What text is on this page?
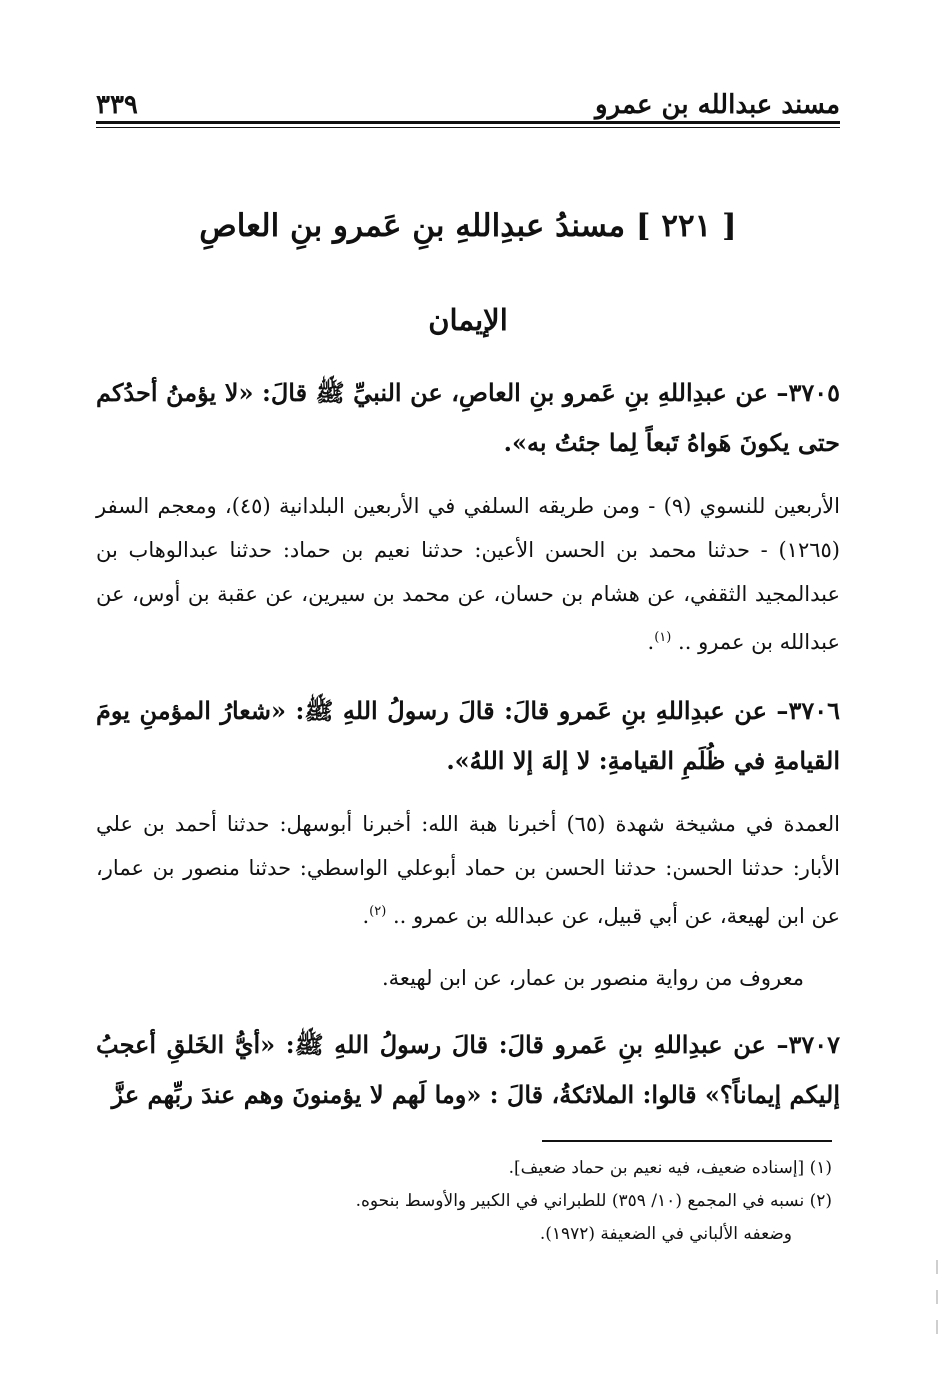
مسند عبدالله بن عمرو
٣٣٩
[ ٢٢١ ] مسندُ عبدِاللهِ بنِ عَمرو بنِ العاصِ
الإيمان
٣٧٠٥– عن عبدِاللهِ بنِ عَمرو بنِ العاصِ، عن النبيِّ ﷺ قالَ: «لا يؤمنُ أحدُكم حتى يكونَ هَواهُ تَبعاً لِما جئتُ به».
الأربعين للنسوي (٩) - ومن طريقه السلفي في الأربعين البلدانية (٤٥)، ومعجم السفر (١٢٦٥) - حدثنا محمد بن الحسن الأعين: حدثنا نعيم بن حماد: حدثنا عبدالوهاب بن عبدالمجيد الثقفي، عن هشام بن حسان، عن محمد بن سيرين، عن عقبة بن أوس، عن عبدالله بن عمرو .. $^{(١)}$.
٣٧٠٦– عن عبدِاللهِ بنِ عَمرو قالَ: قالَ رسولُ اللهِ ﷺ: «شعارُ المؤمنِ يومَ القيامةِ في ظُلَمِ القيامةِ: لا إلهَ إلا اللهُ».
العمدة في مشيخة شهدة (٦٥) أخبرنا هبة الله: أخبرنا أبوسهل: حدثنا أحمد بن علي الأبار: حدثنا الحسن: حدثنا الحسن بن حماد أبوعلي الواسطي: حدثنا منصور بن عمار، عن ابن لهيعة، عن أبي قبيل، عن عبدالله بن عمرو .. $^{(٢)}$.
معروف من رواية منصور بن عمار، عن ابن لهيعة.
٣٧٠٧– عن عبدِاللهِ بنِ عَمرو قالَ: قالَ رسولُ اللهِ ﷺ: «أيُّ الخَلقِ أعجبُ إليكم إيماناً؟» قالوا: الملائكةُ، قالَ : «وما لَهم لا يؤمنونَ وهم عندَ ربِّهم عزَّ
(١) [إسناده ضعيف، فيه نعيم بن حماد ضعيف].
(٢) نسبه في المجمع (١٠/ ٣٥٩) للطبراني في الكبير والأوسط بنحوه.
وضعفه الألباني في الضعيفة (١٩٧٢).
